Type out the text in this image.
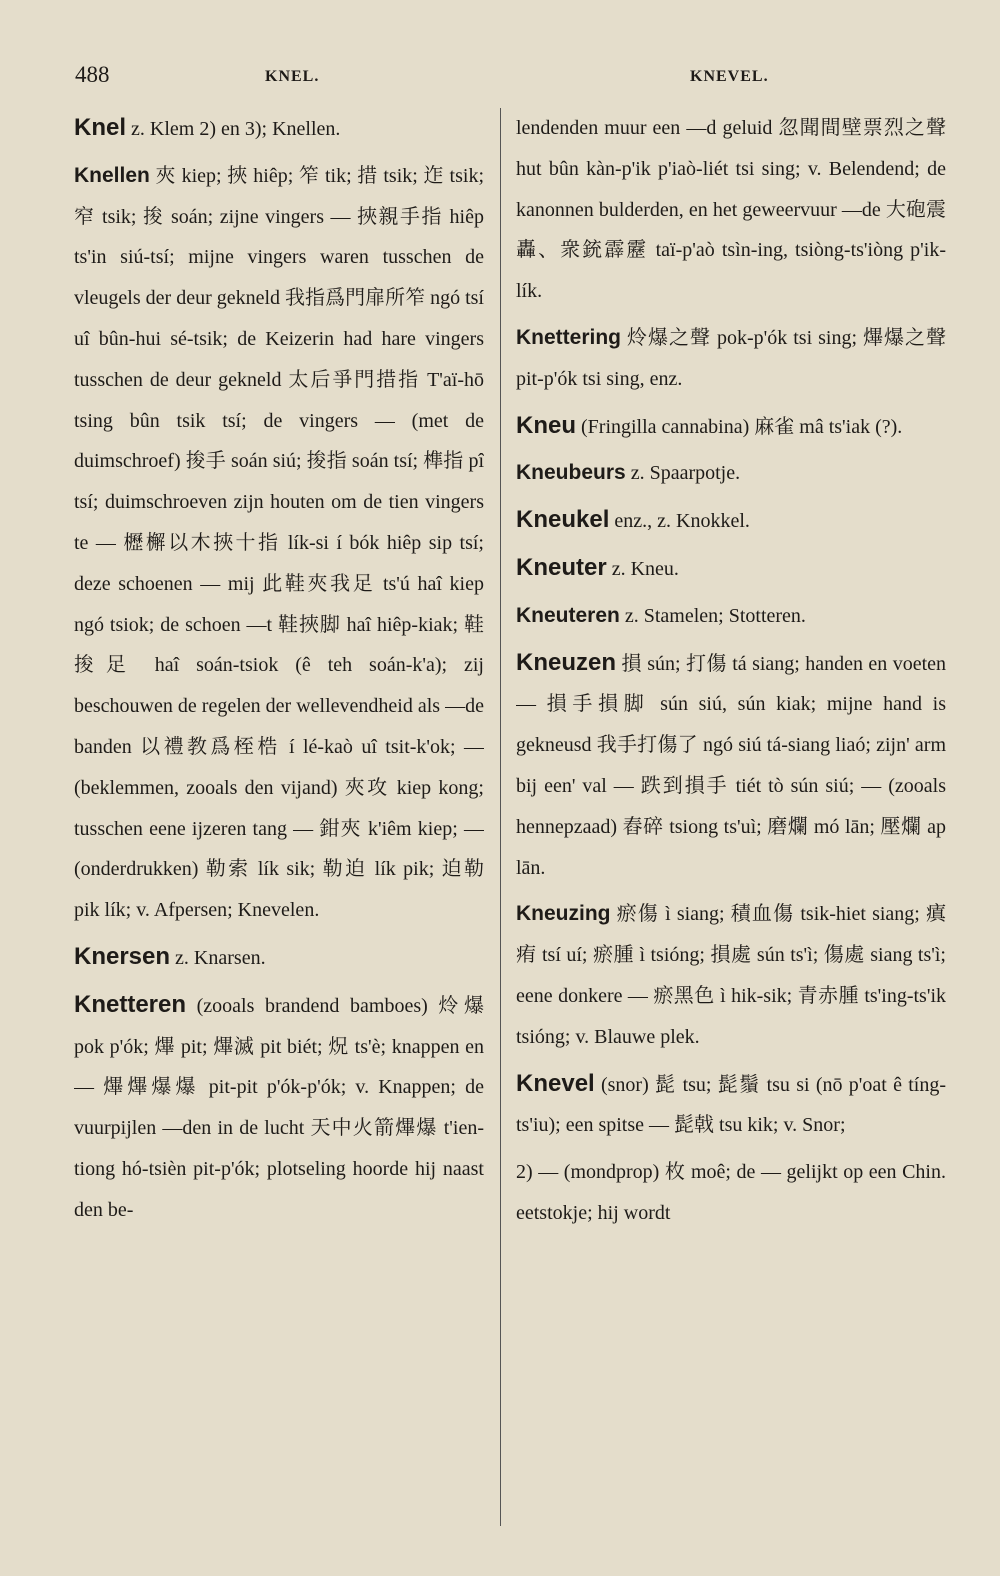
488	KNEL.	KNEVEL.

Knel z. Klem 2) en 3); Knellen.

Knellen 夾 kiep; 挾 hiêp; 笮 tik; 措 tsik; 迮 tsik; 窄 tsik; 捘 soán; zijne vingers — 挾親手指 hiêp ts'in siú-tsí; mijne vingers waren tusschen de vleugels der deur gekneld 我指爲門扉所笮 ngó tsí uî bûn-hui sé-tsik; de Keizerin had hare vingers tusschen de deur gekneld 太后爭門措指 T'aï-hō tsing bûn tsik tsí; de vingers — (met de duimschroef) 捘手 soán siú; 捘指 soán tsí; 榫指 pî tsí; duimschroeven zijn houten om de tien vingers te — 櫪檞以木挾十指 lík-si í bók hiêp sip tsí; deze schoenen — mij 此鞋夾我足 ts'ú haî kiep ngó tsiok; de schoen —t 鞋挾脚 haî hiêp-kiak; 鞋捘足 haî soán-tsiok (ê teh soán-k'a); zij beschouwen de regelen der wellevendheid als —de banden 以禮教爲桎梏 í lé-kaò uî tsit-k'ok; — (beklemmen, zooals den vijand) 夾攻 kiep kong; tusschen eene ijzeren tang — 鉗夾 k'iêm kiep; — (onderdrukken) 勒索 lík sik; 勒迫 lík pik; 迫勒 pik lík; v. Afpersen; Knevelen.

Knersen z. Knarsen.

Knetteren (zooals brandend bamboes) 炩爆 pok p'ók; 熚 pit; 熚滅 pit biét; 炾 ts'è; knappen en — 熚熚爆爆 pit-pit p'ók-p'ók; v. Knappen; de vuurpijlen —den in de lucht 天中火箭熚爆 t'ien-tiong hó-tsièn pit-p'ók; plotseling hoorde hij naast den be-

lendenden muur een —d geluid 忽聞間壁票烈之聲 hut bûn kàn-p'ik p'iaò-liét tsi sing; v. Belendend; de kanonnen bulderden, en het geweervuur —de 大砲震轟、衆銃霹靂 taï-p'aò tsìn-ing, tsiòng-ts'iòng p'ik-lík.

Knettering 炩爆之聲 pok-p'ók tsi sing; 熚爆之聲 pit-p'ók tsi sing, enz.

Kneu (Fringilla cannabina) 麻雀 mâ ts'iak (?).

Kneubeurs z. Spaarpotje.

Kneukel enz., z. Knokkel.

Kneuter z. Kneu.

Kneuteren z. Stamelen; Stotteren.

Kneuzen 損 sún; 打傷 tá siang; handen en voeten — 損手損脚 sún siú, sún kiak; mijne hand is gekneusd 我手打傷了 ngó siú tá-siang liaó; zijn' arm bij een' val — 跌到損手 tiét tò sún siú; — (zooals hennepzaad) 舂碎 tsiong ts'uì; 磨爛 mó lān; 壓爛 ap lān.

Kneuzing 瘀傷 ì siang; 積血傷 tsik-hiet siang; 瘨痏 tsí uí; 瘀腫 ì tsióng; 損處 sún ts'ì; 傷處 siang ts'ì; eene donkere — 瘀黑色 ì hik-sik; 青赤腫 ts'ing-ts'ik tsióng; v. Blauwe plek.

Knevel (snor) 髭 tsu; 髭鬚 tsu si (nō p'oat ê tíng-ts'iu); een spitse — 髭戟 tsu kik; v. Snor;

2) — (mondprop) 枚 moê; de — gelijkt op een Chin. eetstokje; hij wordt
